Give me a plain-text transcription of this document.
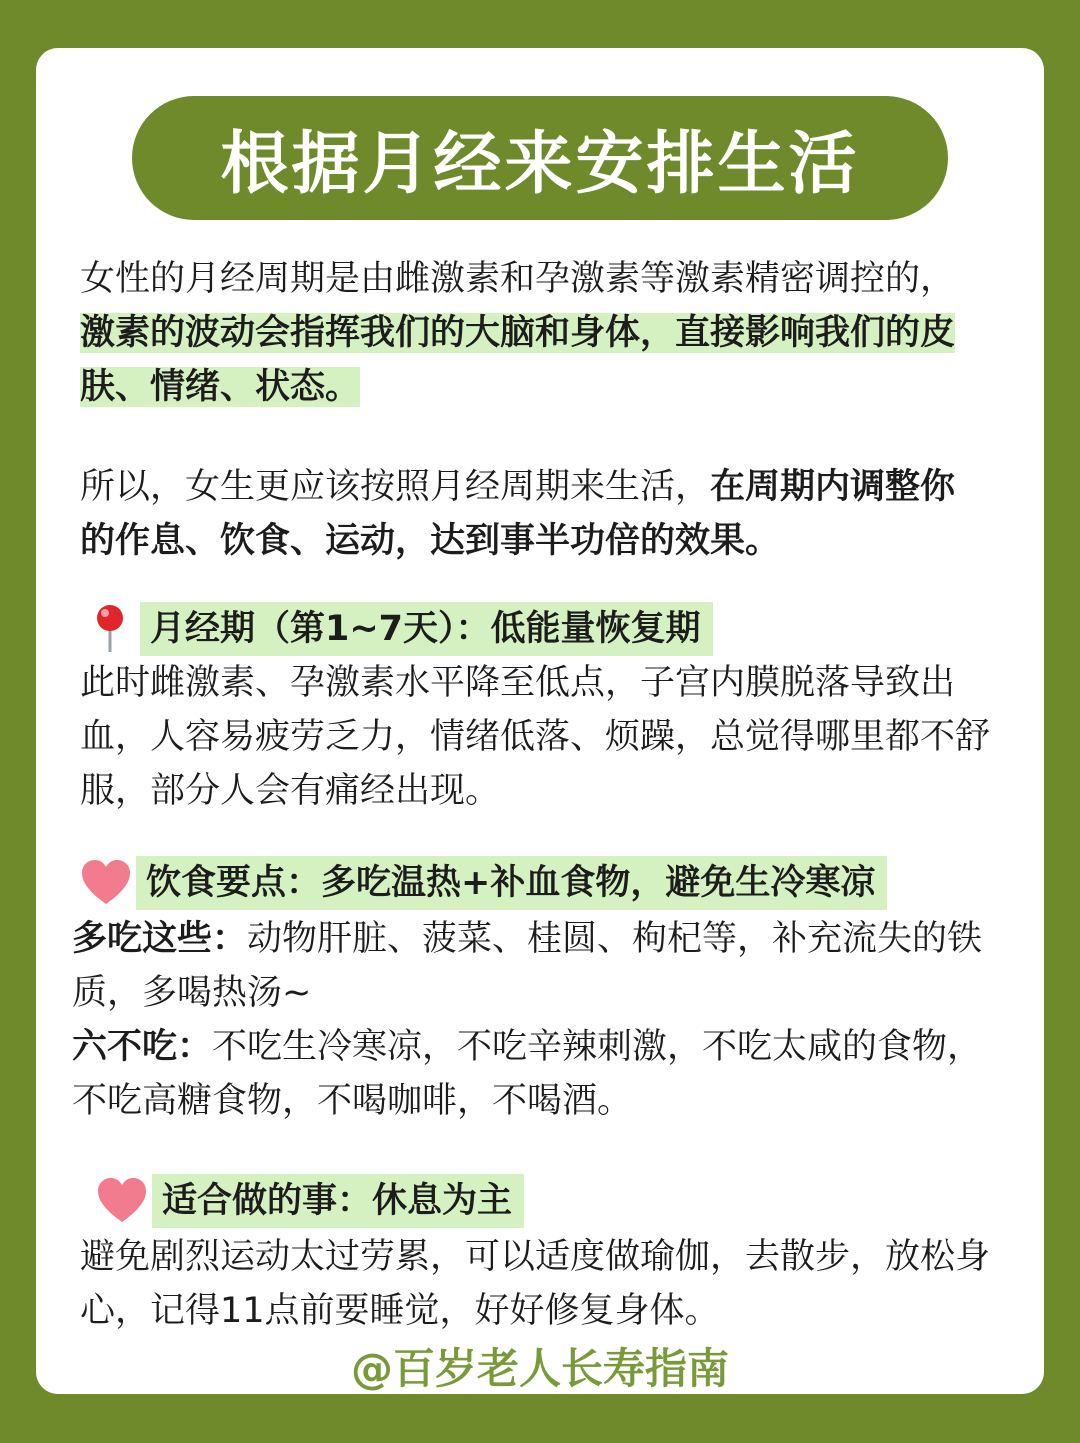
根据月经来安排生活

女性的月经周期是由雌激素和孕激素等激素精密调控的，激素的波动会指挥我们的大脑和身体，直接影响我们的皮肤、情绪、状态。

所以，女生更应该按照月经周期来生活，在周期内调整你的作息、饮食、运动，达到事半功倍的效果。

月经期（第1~7天）：低能量恢复期

此时雌激素、孕激素水平降至低点，子宫内膜脱落导致出血，人容易疲劳乏力，情绪低落、烦躁，总觉得哪里都不舒服，部分人会有痛经出现。

饮食要点：多吃温热+补血食物，避免生冷寒凉

多吃这些：动物肝脏、菠菜、桂圆、枸杞等，补充流失的铁质，多喝热汤~

六不吃：不吃生冷寒凉，不吃辛辣刺激，不吃太咸的食物，不吃高糖食物，不喝咖啡，不喝酒。

适合做的事：休息为主

避免剧烈运动太过劳累，可以适度做瑜伽，去散步，放松身心，记得11点前要睡觉，好好修复身体。

@百岁老人长寿指南
